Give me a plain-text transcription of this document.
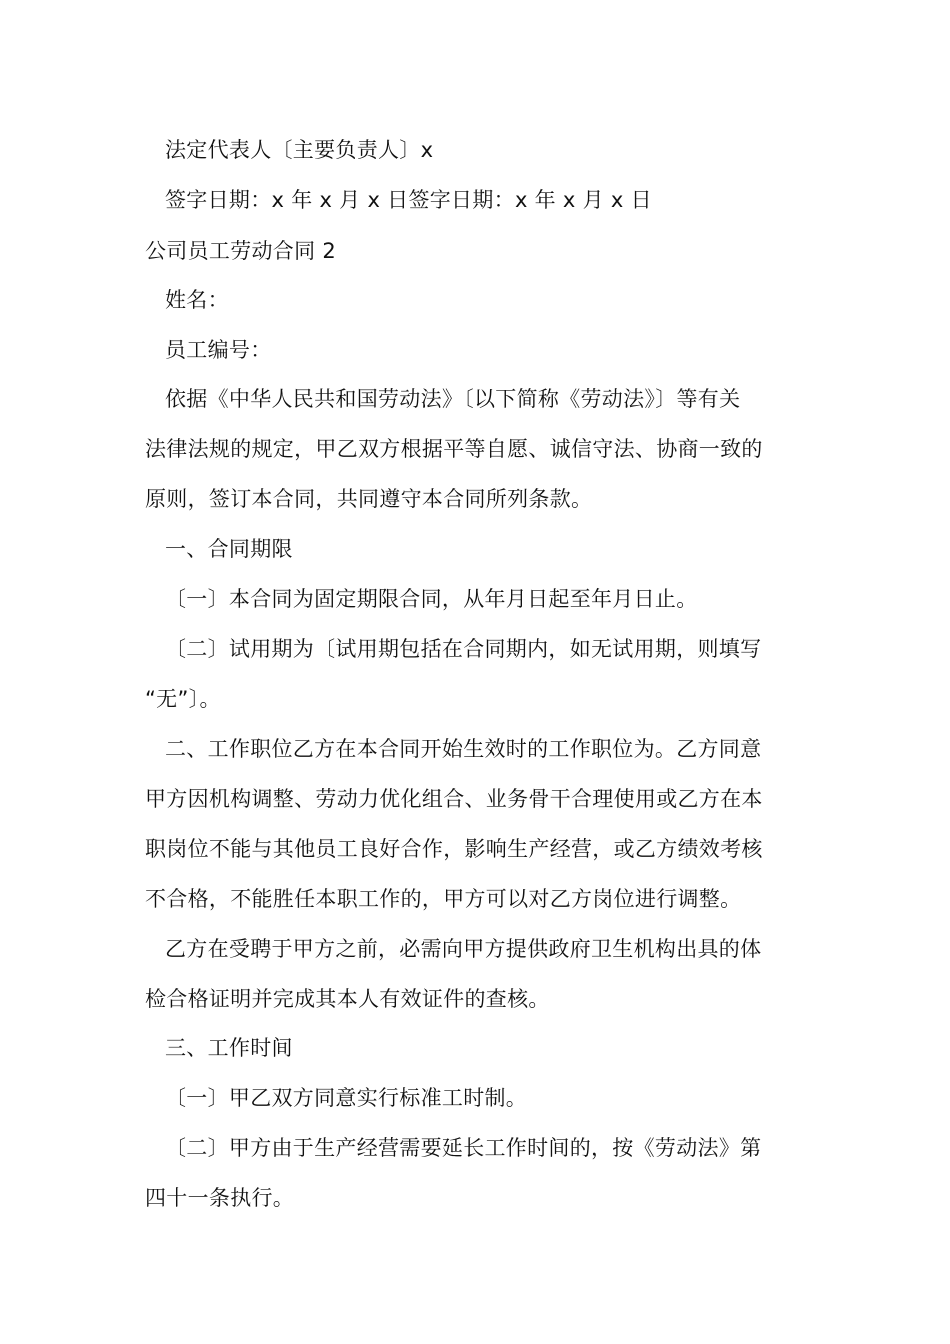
法定代表人〔主要负责人〕x
签字日期：x 年 x 月 x 日签字日期：x 年 x 月 x 日
公司员工劳动合同 2
姓名：
员工编号：
依据《中华人民共和国劳动法》〔以下简称《劳动法》〕等有关
法律法规的规定，甲乙双方根据平等自愿、诚信守法、协商一致的
原则，签订本合同，共同遵守本合同所列条款。
一、合同期限
〔一〕本合同为固定期限合同，从年月日起至年月日止。
〔二〕试用期为〔试用期包括在合同期内，如无试用期，则填写
“无”〕。
二、工作职位乙方在本合同开始生效时的工作职位为。乙方同意
甲方因机构调整、劳动力优化组合、业务骨干合理使用或乙方在本
职岗位不能与其他员工良好合作，影响生产经营，或乙方绩效考核
不合格，不能胜任本职工作的，甲方可以对乙方岗位进行调整。
乙方在受聘于甲方之前，必需向甲方提供政府卫生机构出具的体
检合格证明并完成其本人有效证件的查核。
三、工作时间
〔一〕甲乙双方同意实行标准工时制。
〔二〕甲方由于生产经营需要延长工作时间的，按《劳动法》第
四十一条执行。
